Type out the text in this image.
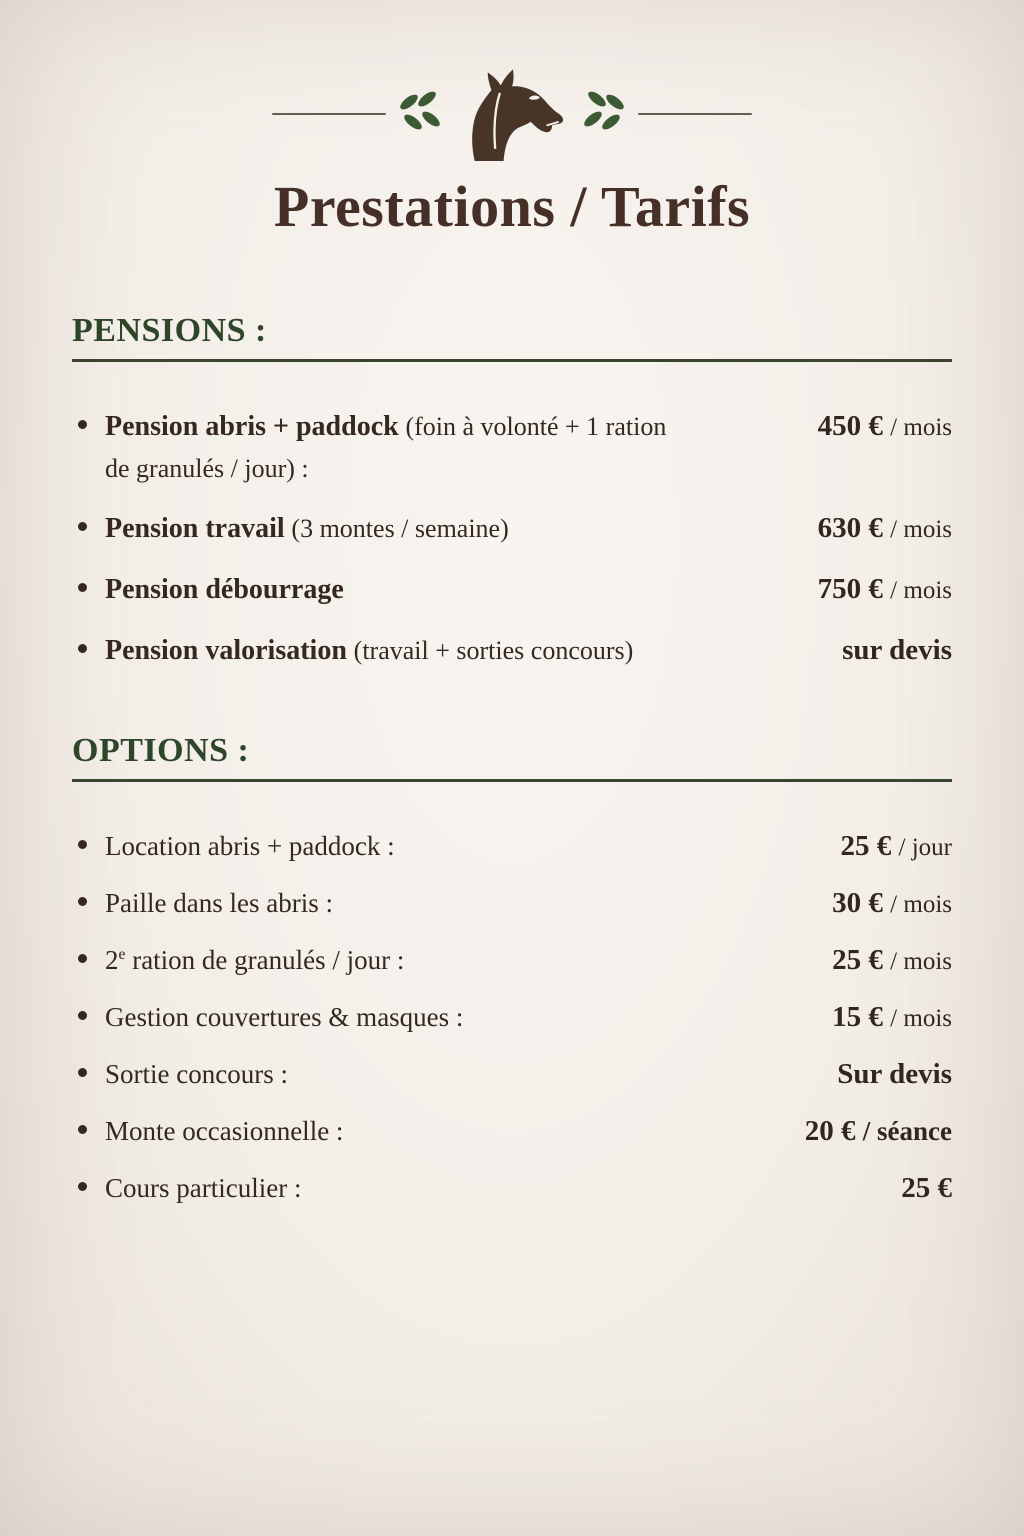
Prestations / Tarifs
PENSIONS :
Pension abris + paddock (foin à volonté + 1 ration
de granulés / jour) :
450 € / mois
Pension travail (3 montes / semaine)	630 € / mois
Pension débourrage	750 € / mois
Pension valorisation (travail + sorties concours)	sur devis
OPTIONS :
Location abris + paddock :	25 € / jour
Paille dans les abris :	30 € / mois
2e ration de granulés / jour :	25 € / mois
Gestion couvertures & masques :	15 € / mois
Sortie concours :	Sur devis
Monte occasionnelle :	20 € / séance
Cours particulier :	25 €
